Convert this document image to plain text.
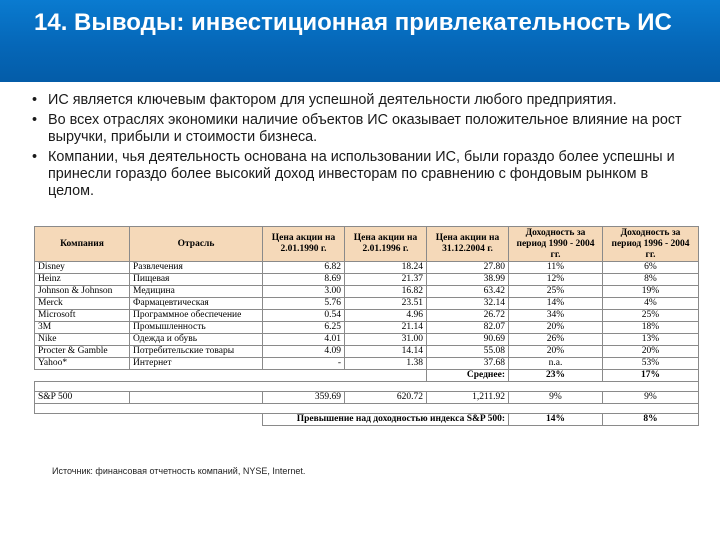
14. Выводы: инвестиционная привлекательность ИС
• ИС является ключевым фактором для успешной деятельности любого предприятия.
• Во всех отраслях экономики наличие объектов ИС оказывает положительное влияние на рост выручки, прибыли и стоимости бизнеса.
• Компании, чья деятельность основана на использовании ИС, были гораздо более успешны и принесли гораздо более высокий доход инвесторам по сравнению с фондовым рынком в целом.
Компания	Отрасль	Цена акции на 2.01.1990 г.	Цена акции на 2.01.1996 г.	Цена акции на 31.12.2004 г.	Доходность за период 1990 - 2004 гг.	Доходность за период 1996 - 2004 гг.
Disney	Развлечения	6.82	18.24	27.80	11%	6%
Heinz	Пищевая	8.69	21.37	38.99	12%	8%
Johnson & Johnson	Медицина	3.00	16.82	63.42	25%	19%
Merck	Фармацевтическая	5.76	23.51	32.14	14%	4%
Microsoft	Программное обеспечение	0.54	4.96	26.72	34%	25%
3M	Промышленность	6.25	21.14	82.07	20%	18%
Nike	Одежда и обувь	4.01	31.00	90.69	26%	13%
Procter & Gamble	Потребительские товары	4.09	14.14	55.08	20%	20%
Yahoo*	Интернет	-	1.38	37.68	n.a.	53%
				Среднее:	23%	17%

S&P 500		359.69	620.72	1,211.92	9%	9%

		Превышение над доходностью индекса S&P 500:			14%	8%
Источник: финансовая отчетность компаний, NYSE, Internet.
